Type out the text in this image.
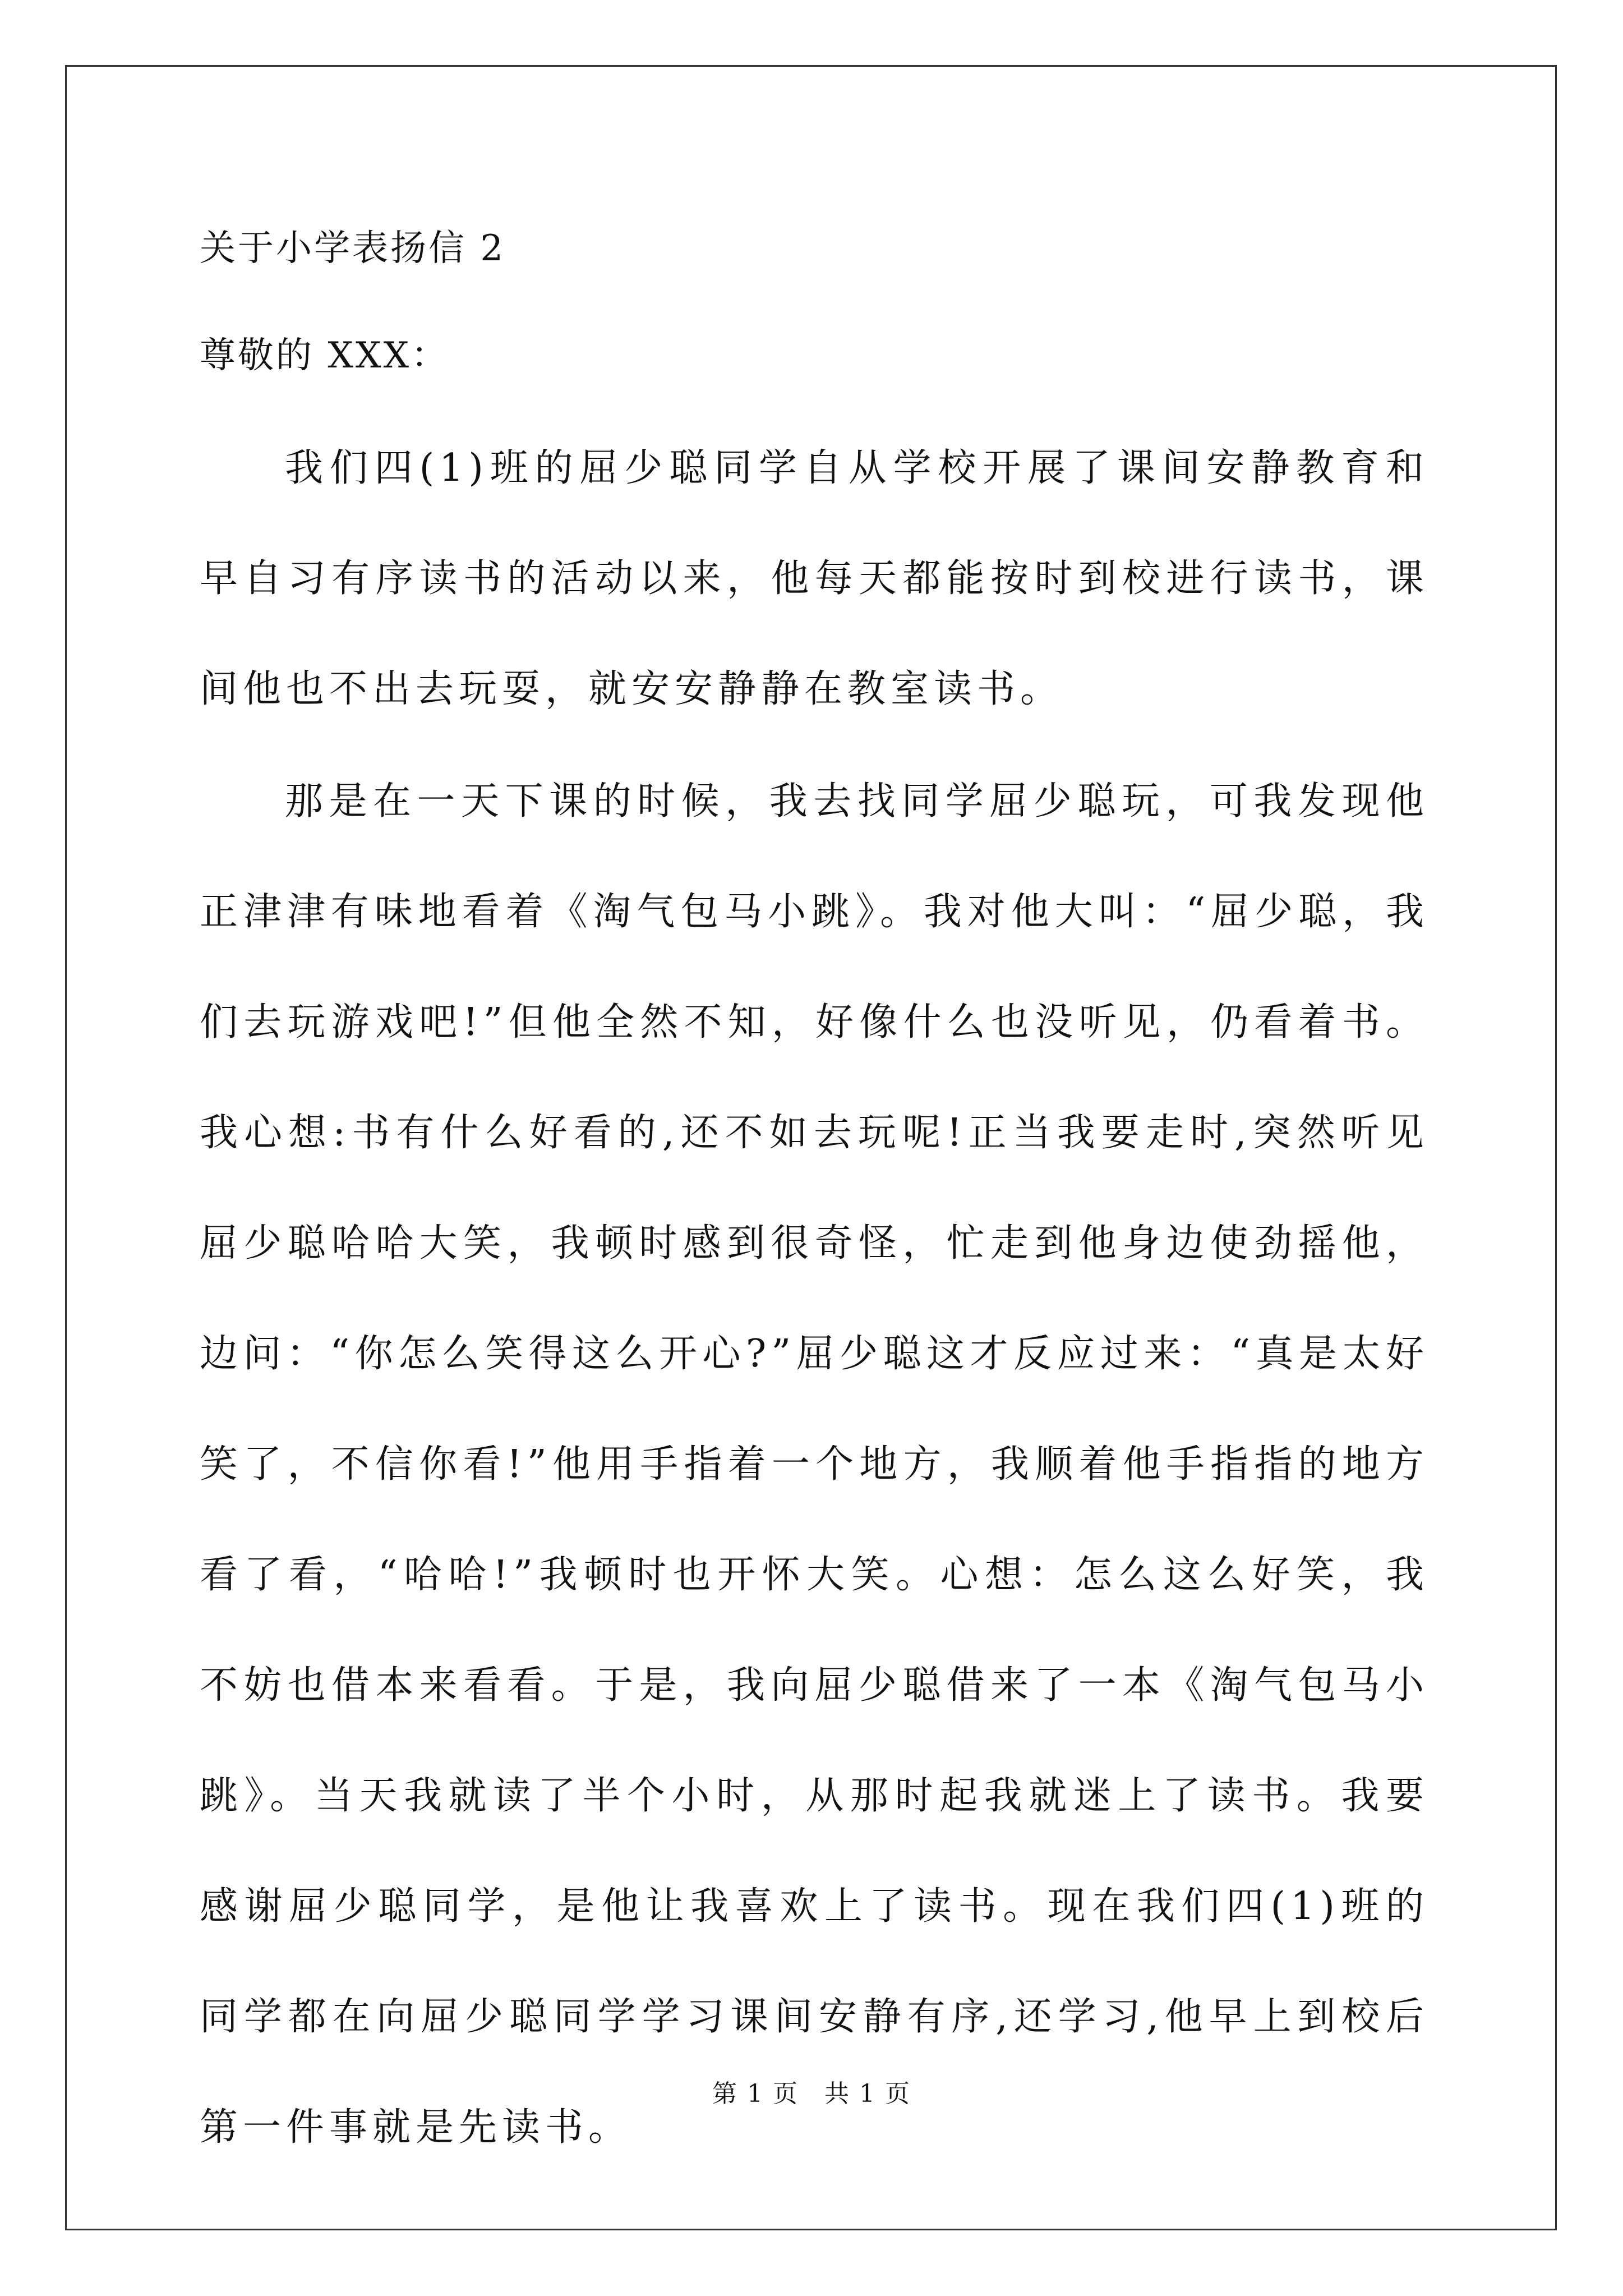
关于小学表扬信 2
尊敬的 XXX：

我们四(1)班的屈少聪同学自从学校开展了课间安静教育和早自习有序读书的活动以来，他每天都能按时到校进行读书，课间他也不出去玩耍，就安安静静在教室读书。

那是在一天下课的时候，我去找同学屈少聪玩，可我发现他正津津有味地看着《淘气包马小跳》。我对他大叫：“屈少聪，我们去玩游戏吧!”但他全然不知，好像什么也没听见，仍看着书。我心想:书有什么好看的,还不如去玩呢!正当我要走时,突然听见屈少聪哈哈大笑，我顿时感到很奇怪，忙走到他身边使劲摇他，边问：“你怎么笑得这么开心?”屈少聪这才反应过来：“真是太好笑了，不信你看!”他用手指着一个地方，我顺着他手指指的地方看了看，“哈哈!”我顿时也开怀大笑。心想：怎么这么好笑，我不妨也借本来看看。于是，我向屈少聪借来了一本《淘气包马小跳》。当天我就读了半个小时，从那时起我就迷上了读书。我要感谢屈少聪同学，是他让我喜欢上了读书。现在我们四(1)班的同学都在向屈少聪同学学习课间安静有序,还学习,他早上到校后第一件事就是先读书。

第 1 页　共 1 页
